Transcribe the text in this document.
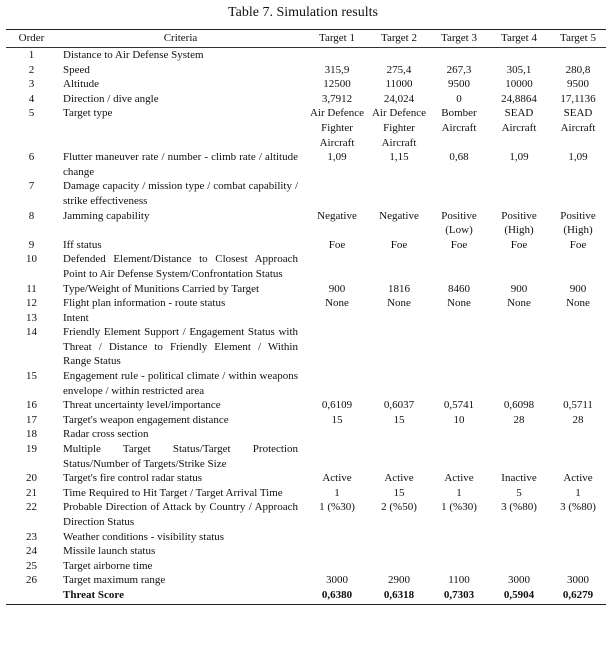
Table 7. Simulation results
Order	Criteria	Target 1	Target 2	Target 3	Target 4	Target 5
1	Distance to Air Defense System					
2	Speed	315,9	275,4	267,3	305,1	280,8
3	Altitude	12500	11000	9500	10000	9500
4	Direction / dive angle	3,7912	24,024	0	24,8864	17,1136
5	Target type	Air Defence Fighter Aircraft	Air Defence Fighter Aircraft	Bomber Aircraft	SEAD Aircraft	SEAD Aircraft
6	Flutter maneuver rate / number - climb rate / altitude change	1,09	1,15	0,68	1,09	1,09
7	Damage capacity / mission type / combat capability / strike effectiveness					
8	Jamming capability	Negative	Negative	Positive (Low)	Positive (High)	Positive (High)
9	Iff status	Foe	Foe	Foe	Foe	Foe
10	Defended Element/Distance to Closest Approach Point to Air Defense System/Confrontation Status					
11	Type/Weight of Munitions Carried by Target	900	1816	8460	900	900
12	Flight plan information - route status	None	None	None	None	None
13	Intent					
14	Friendly Element Support / Engagement Status with Threat / Distance to Friendly Element / Within Range Status					
15	Engagement rule - political climate / within weapons envelope / within restricted area					
16	Threat uncertainty level/importance	0,6109	0,6037	0,5741	0,6098	0,5711
17	Target's weapon engagement distance	15	15	10	28	28
18	Radar cross section					
19	Multiple Target Status/Target Protection Status/Number of Targets/Strike Size					
20	Target's fire control radar status	Active	Active	Active	Inactive	Active
21	Time Required to Hit Target / Target Arrival Time	1	15	1	5	1
22	Probable Direction of Attack by Country / Approach Direction Status	1 (%30)	2 (%50)	1 (%30)	3 (%80)	3 (%80)
23	Weather conditions - visibility status					
24	Missile launch status					
25	Target airborne time					
26	Target maximum range	3000	2900	1100	3000	3000
	Threat Score	0,6380	0,6318	0,7303	0,5904	0,6279
